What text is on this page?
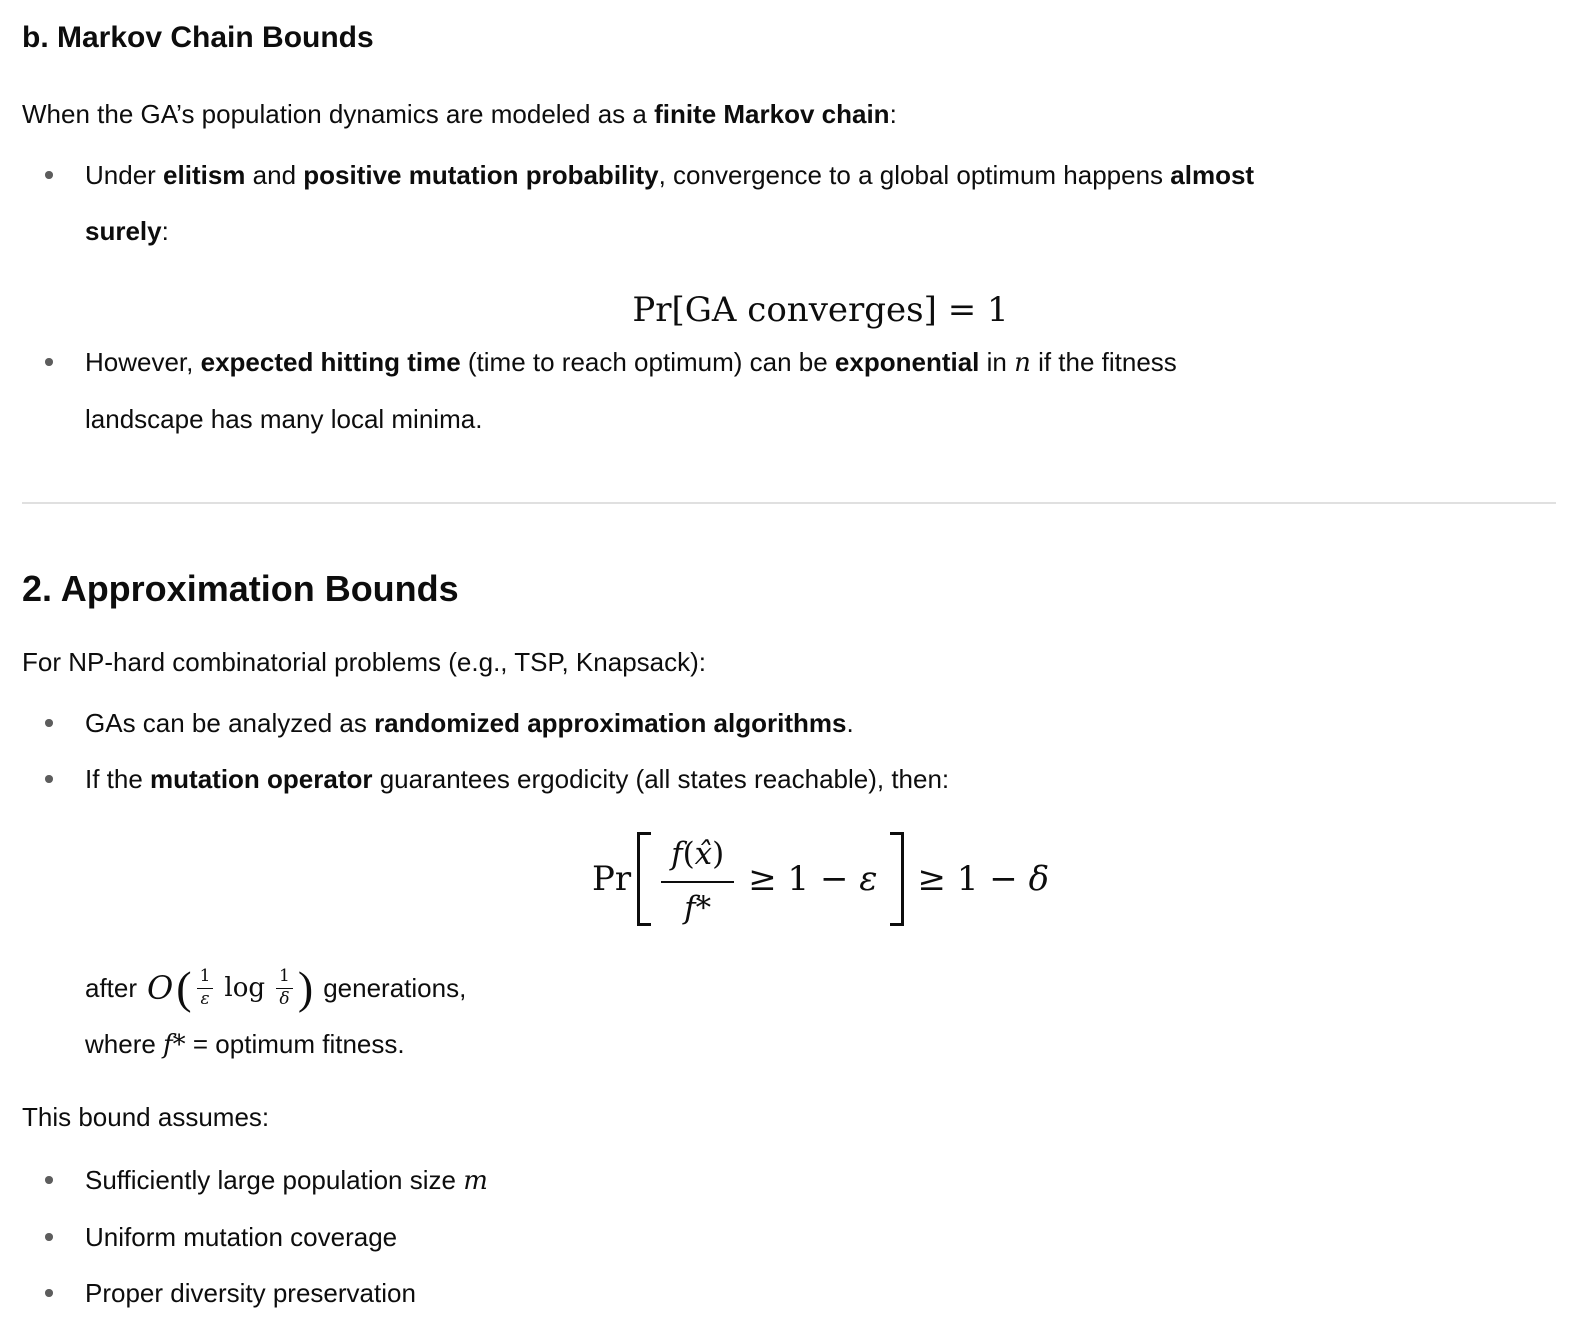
b. Markov Chain Bounds

When the GA’s population dynamics are modeled as a finite Markov chain:

Under elitism and positive mutation probability, convergence to a global optimum happens almost
surely:
Pr[GA converges] = 1
However, expected hitting time (time to reach optimum) can be exponential in n if the fitness
landscape has many local minima.
2. Approximation Bounds

For NP-hard combinatorial problems (e.g., TSP, Knapsack):

GAs can be analyzed as randomized approximation algorithms.
If the mutation operator guarantees ergodicity (all states reachable), then:
Pr $\frac{f(x̂)}{f*} \ge 1 - \varepsilon \ge 1 - \delta$
after O ( 1
ε log 1
δ ) generations,
where f* = optimum fitness.

This bound assumes:

Sufficiently large population size m
Uniform mutation coverage
Proper diversity preservation
